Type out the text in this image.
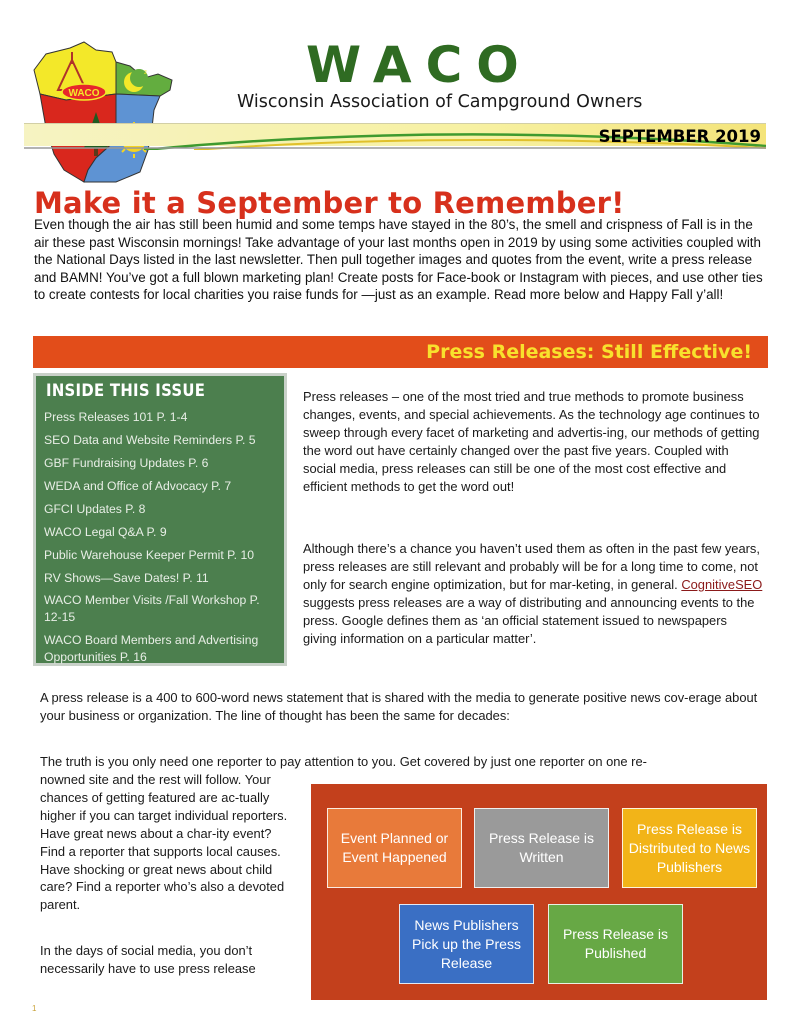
WACO
z	WACO
Wisconsin Association of Campground Owners
SEPTEMBER 2019
Make it a September to Remember!
Even though the air has still been humid and some temps have stayed in the 80’s, the smell and crispness of Fall is in the air these past Wisconsin mornings! Take advantage of your last months open in 2019 by using some activities coupled with the National Days listed in the last newsletter. Then pull together images and quotes from the event, write a press release and BAMN! You’ve got a full blown marketing plan! Create posts for Face-book or Instagram with pieces, and use other ties to create contests for local charities you raise funds for —just as an example. Read more below and Happy Fall y’all!
Press Releases: Still Effective!
INSIDE THIS ISSUE
Press Releases 101 P. 1-4
SEO Data and Website Reminders P. 5
GBF Fundraising Updates P. 6
WEDA and Office of Advocacy P. 7
GFCI Updates P. 8
WACO Legal Q&A P. 9
Public Warehouse Keeper Permit P. 10
RV Shows—Save Dates! P. 11
WACO Member Visits /Fall Workshop P. 12-15
WACO Board Members and Advertising Opportunities P. 16
Press releases – one of the most tried and true methods to promote business changes, events, and special achievements. As the technology age continues to sweep through every facet of marketing and advertis-ing, our methods of getting the word out have certainly changed over the past five years. Coupled with social media, press releases can still be one of the most cost effective and efficient methods to get the word out!
Although there’s a chance you haven’t used them as often in the past few years, press releases are still relevant and probably will be for a long time to come, not only for search engine optimization, but for mar-keting, in general. CognitiveSEO suggests press releases are a way of distributing and announcing events to the press. Google defines them as ‘an official statement issued to newspapers giving information on a particular matter’.
A press release is a 400 to 600-word news statement that is shared with the media to generate positive news cov-erage about your business or organization. The line of thought has been the same for decades:
The truth is you only need one reporter to pay attention to you. Get covered by just one reporter on one re-
nowned site and the rest will follow. Your chances of getting featured are ac-tually higher if you can target individual reporters. Have great news about a char-ity event? Find a reporter that supports local causes. Have shocking or great news about child care? Find a reporter who’s also a devoted parent.
In the days of social media, you don’t necessarily have to use press release
Event Planned or Event Happened
Press Release is Written
Press Release is Distributed to News Publishers
News Publishers Pick up the Press Release
Press Release is Published
1
